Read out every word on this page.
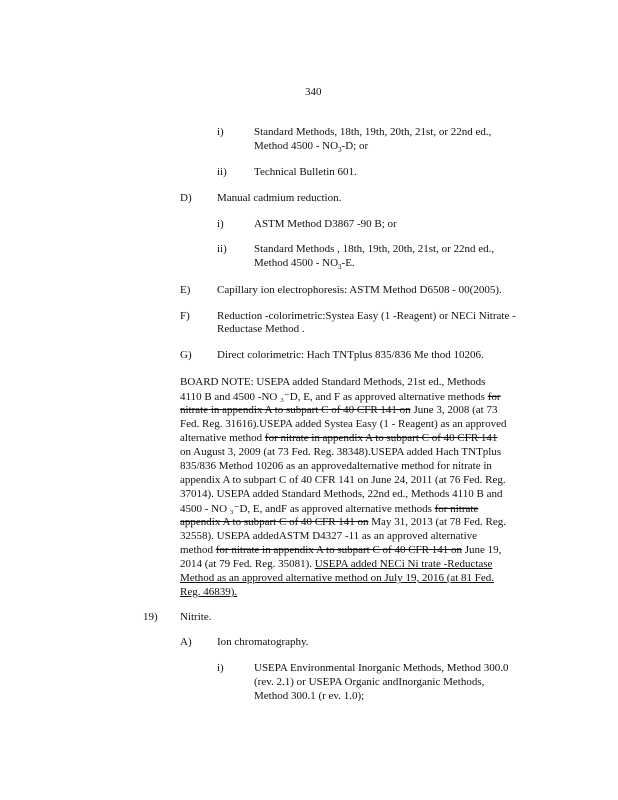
340
i)	Standard Methods, 18th, 19th, 20th, 21st, or 22nd ed.,
Method $4500 - NO_3-D$; or
ii) Technical Bulletin 601.
D) Manual cadmium reduction.
i)	ASTM Method D3867 -90 B; or
ii) Standard Methods , 18th, 19th, 20th, 21st, or 22nd ed.,
Method $4500 - NO_3-E$.
E) Capillary ion electrophoresis: ASTM Method D6508 - 00(2005).
F) Reduction -colorimetric:Systea Easy (1 -Reagent) or NECi Nitrate -
Reductase Method .
G) Direct colorimetric: Hach TNTplus 835/836 Me thod 10206.
BOARD NOTE: USEPA added Standard Methods, 21st ed., Methods
4110 B and 4500 -NO ₃⁻D, E, and F as approved alternative methods for
nitrate in appendix A to subpart C of 40 CFR 141 on June 3, 2008 (at 73
Fed. Reg. 31616).USEPA added Systea Easy (1 - Reagent) as an approved
alternative method for nitrate in appendix A to subpart C of 40 CFR 141
on August 3, 2009 (at 73 Fed. Reg. 38348).USEPA added Hach TNTplus
835/836 Method 10206 as an approvedalternative method for nitrate in
appendix A to subpart C of 40 CFR 141 on June 24, 2011 (at 76 Fed. Reg.
37014). USEPA added Standard Methods, 22nd ed., Methods 4110 B and
4500 - NO ₃⁻D, E, andF as approved alternative methods for nitrate
appendix A to subpart C of 40 CFR 141 on May 31, 2013 (at 78 Fed. Reg.
32558). USEPA addedASTM D4327 -11 as an approved alternative
method for nitrate in appendix A to subpart C of 40 CFR 141 on June 19,
2014 (at 79 Fed. Reg. 35081). USEPA added NECi Ni trate -Reductase
Method as an approved alternative method on July 19, 2016 (at 81 Fed.
Reg. 46839).
19) Nitrite.
A) Ion chromatography.
i)	USEPA Environmental Inorganic Methods, Method 300.0
(rev. 2.1) or USEPA Organic andInorganic Methods,
Method 300.1 (r ev. 1.0);
